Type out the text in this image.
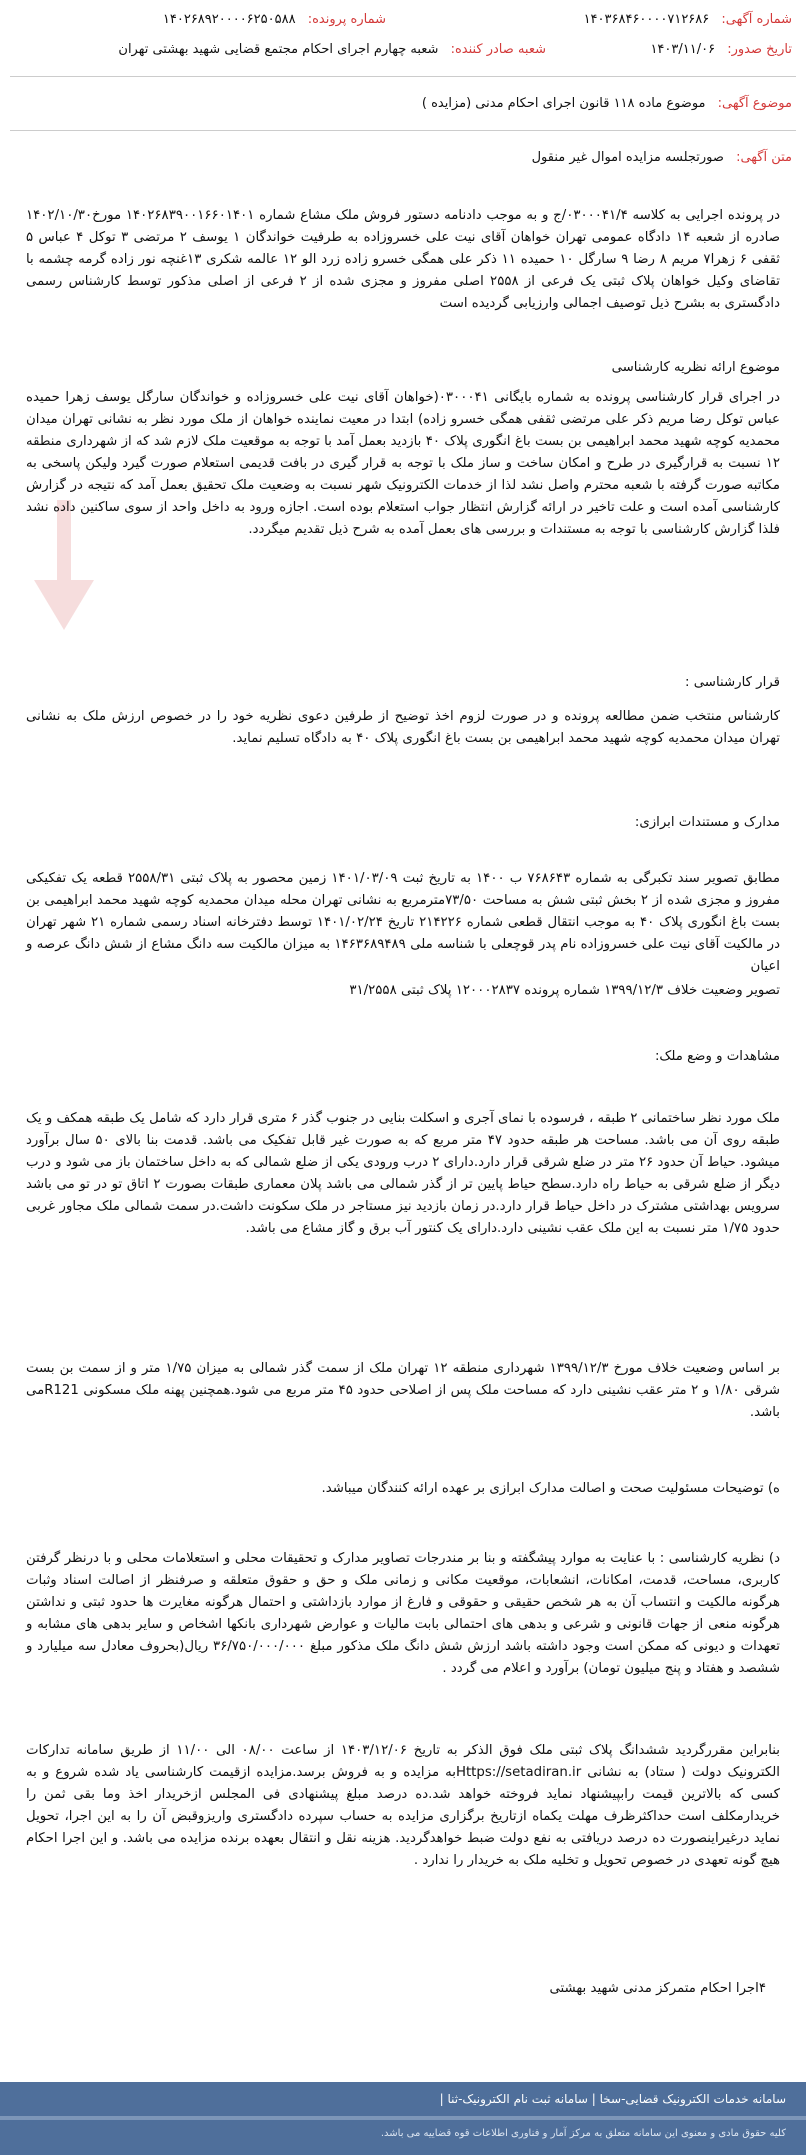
شماره آگهی: ۱۴۰۳۶۸۴۶۰۰۰۰۷۱۲۶۸۶
شماره پرونده: ۱۴۰۲۶۸۹۲۰۰۰۰۶۲۵۰۵۸۸
تاریخ صدور: ۱۴۰۳/۱۱/۰۶
شعبه صادر کننده: شعبه چهارم اجرای احکام مجتمع قضایی شهید بهشتی تهران
موضوع آگهی: موضوع ماده ۱۱۸ قانون اجرای احکام مدنی (مزایده )
متن آگهی: صورتجلسه مزایده اموال غیر منقول
در پرونده اجرایی به کلاسه ۰۳۰۰۰۴۱/۴/ج و به موجب دادنامه دستور فروش ملک مشاع شماره ۱۴۰۲۶۸۳۹۰۰۱۶۶۰۱۴۰۱ مورخ۱۴۰۲/۱۰/۳۰ صادره از شعبه ۱۴ دادگاه عمومی تهران خواهان آقای نیت علی خسروزاده به طرفیت خواندگان ۱ یوسف ۲ مرتضی ۳ توکل ۴ عباس ۵ ثقفی ۶ زهرا۷ مریم ۸ رضا ۹ سارگل ۱۰ حمیده ۱۱ ذکر علی همگی خسرو زاده زرد الو ۱۲ عالمه شکری ۱۳غنچه نور زاده گرمه چشمه با تقاضای وکیل خواهان پلاک ثبتی یک فرعی از ۲۵۵۸ اصلی مفروز و مجزی شده از ۲ فرعی از اصلی مذکور توسط کارشناس رسمی دادگستری به بشرح ذیل توصیف اجمالی وارزیابی گردیده است
موضوع ارائه نظریه کارشناسی
در اجرای قرار کارشناسی پرونده به شماره بایگانی ۰۳۰۰۰۴۱(خواهان آقای نیت علی خسروزاده و خواندگان سارگل یوسف زهرا حمیده عباس توکل رضا مریم ذکر علی مرتضی ثقفی همگی خسرو زاده) ابتدا در معیت نماینده خواهان از ملک مورد نظر به نشانی تهران میدان محمدیه کوچه شهید محمد ابراهیمی بن بست باغ انگوری پلاک ۴۰ بازدید بعمل آمد با توجه به موقعیت ملک لازم شد که از شهرداری منطقه ۱۲ نسبت به قرارگیری در طرح و امکان ساخت و ساز ملک با توجه به قرار گیری در بافت قدیمی استعلام صورت گیرد ولیکن پاسخی به مکاتبه صورت گرفته با شعبه محترم واصل نشد لذا از خدمات الکترونیک شهر نسبت به وضعیت ملک تحقیق بعمل آمد که نتیجه در گزارش کارشناسی آمده است و علت تاخیر در ارائه گزارش انتظار جواب استعلام بوده است. اجازه ورود به داخل واحد از سوی ساکنین داده نشد فلذا گزارش کارشناسی با توجه به مستندات و بررسی های بعمل آمده به شرح ذیل تقدیم میگردد.
قرار کارشناسی :
کارشناس منتخب ضمن مطالعه پرونده و در صورت لزوم اخذ توضیح از طرفین دعوی نظریه خود را در خصوص ارزش ملک به نشانی تهران میدان محمدیه کوچه شهید محمد ابراهیمی بن بست باغ انگوری پلاک ۴۰ به دادگاه تسلیم نماید.
مدارک و مستندات ابرازی:
مطابق تصویر سند تکبرگی به شماره ۷۶۸۶۴۳ ب ۱۴۰۰ به تاریخ ثبت ۱۴۰۱/۰۳/۰۹ زمین محصور به پلاک ثبتی ۲۵۵۸/۳۱ قطعه یک تفکیکی مفروز و مجزی شده از ۲ بخش ثبتی شش به مساحت ۷۳/۵۰مترمربع به نشانی تهران محله میدان محمدیه کوچه شهید محمد ابراهیمی بن بست باغ انگوری پلاک ۴۰ به موجب انتقال قطعی شماره ۲۱۴۲۲۶ تاریخ ۱۴۰۱/۰۲/۲۴ توسط دفترخانه اسناد رسمی شماره ۲۱ شهر تهران در مالکیت آقای نیت علی خسروزاده نام پدر قوچعلی با شناسه ملی ۱۴۶۳۶۸۹۴۸۹ به میزان مالکیت سه دانگ مشاع از شش دانگ عرصه و اعیان
تصویر وضعیت خلاف ۱۳۹۹/۱۲/۳ شماره پرونده ۱۲۰۰۰۲۸۳۷ پلاک ثبتی ۳۱/۲۵۵۸
مشاهدات و وضع ملک:
ملک مورد نظر ساختمانی ۲ طبقه ، فرسوده با نمای آجری و اسکلت بنایی در جنوب گذر ۶ متری قرار دارد که شامل یک طبقه همکف و یک طبقه روی آن می باشد. مساحت هر طبقه حدود ۴۷ متر مربع که به صورت غیر قابل تفکیک می باشد. قدمت بنا بالای ۵۰ سال برآورد میشود. حیاط آن حدود ۲۶ متر در ضلع شرقی قرار دارد.دارای ۲ درب ورودی یکی از ضلع شمالی که به داخل ساختمان باز می شود و درب دیگر از ضلع شرقی به حیاط راه دارد.سطح حیاط پایین تر از گذر شمالی می باشد پلان معماری طبقات بصورت ۲ اتاق تو در تو می باشد سرویس بهداشتی مشترک در داخل حیاط قرار دارد.در زمان بازدید نیز مستاجر در ملک سکونت داشت.در سمت شمالی ملک مجاور غربی حدود ۱/۷۵ متر نسبت به این ملک عقب نشینی دارد.دارای یک کنتور آب برق و گاز مشاع می باشد.
بر اساس وضعیت خلاف مورخ ۱۳۹۹/۱۲/۳ شهرداری منطقه ۱۲ تهران ملک از سمت گذر شمالی به میزان ۱/۷۵ متر و از سمت بن بست شرقی ۱/۸۰ و ۲ متر عقب نشینی دارد که مساحت ملک پس از اصلاحی حدود ۴۵ متر مربع می شود.همچنین پهنه ملک مسکونی R121می باشد.
ه) توضیحات مسئولیت صحت و اصالت مدارک ابرازی بر عهده ارائه کنندگان میباشد.
د) نظریه کارشناسی : با عنایت به موارد پیشگفته و بنا بر مندرجات تصاویر مدارک و تحقیقات محلی و استعلامات محلی و با درنظر گرفتن کاربری، مساحت، قدمت، امکانات، انشعابات، موقعیت مکانی و زمانی ملک و حق و حقوق متعلقه و صرفنظر از اصالت اسناد وثبات هرگونه مالکیت و انتساب آن به هر شخص حقیقی و حقوقی و فارغ از موارد بازداشتی و احتمال هرگونه مغایرت ها حدود ثبتی و نداشتن هرگونه منعی از جهات قانونی و شرعی و بدهی های احتمالی بابت مالیات و عوارض شهرداری بانکها اشخاص و سایر بدهی های مشابه و تعهدات و دیونی که ممکن است وجود داشته باشد ارزش شش دانگ ملک مذکور مبلغ ۳۶/۷۵۰/۰۰۰/۰۰۰ ریال(بحروف معادل سه میلیارد و ششصد و هفتاد و پنج میلیون تومان) برآورد و اعلام می گردد .
بنابراین مقررگردید ششدانگ پلاک ثبتی ملک فوق الذکر به تاریخ ۱۴۰۳/۱۲/۰۶ از ساعت ۰۸/۰۰ الی ۱۱/۰۰ از طریق سامانه تدارکات الکترونیک دولت ( ستاد) به نشانی Https://setadiran.irبه مزایده و به فروش برسد.مزایده ازقیمت کارشناسی یاد شده شروع و به کسی که بالاترین قیمت رابپیشنهاد نماید فروخته خواهد شد.ده درصد مبلغ پیشنهادی فی المجلس ازخریدار اخذ وما بقی ثمن را خریدارمکلف است حداکثرظرف مهلت یکماه ازتاریخ برگزاری مزایده به حساب سپرده دادگستری واریزوقبض آن را به این اجرا، تحویل نماید درغیراینصورت ده درصد دریافتی به نفع دولت ضبط خواهدگردید. هزینه نقل و انتقال بعهده برنده مزایده می باشد. و این اجرا احکام هیچ گونه تعهدی در خصوص تحویل و تخلیه ملک به خریدار را ندارد .
۴اجرا احکام متمرکز مدنی شهید بهشتی
سامانه خدمات الکترونیک قضایی-سخا | سامانه ثبت نام الکترونیک-ثنا |
کلیه حقوق مادی و معنوی این سامانه متعلق به مرکز آمار و فناوری اطلاعات قوه قضاییه می باشد.
